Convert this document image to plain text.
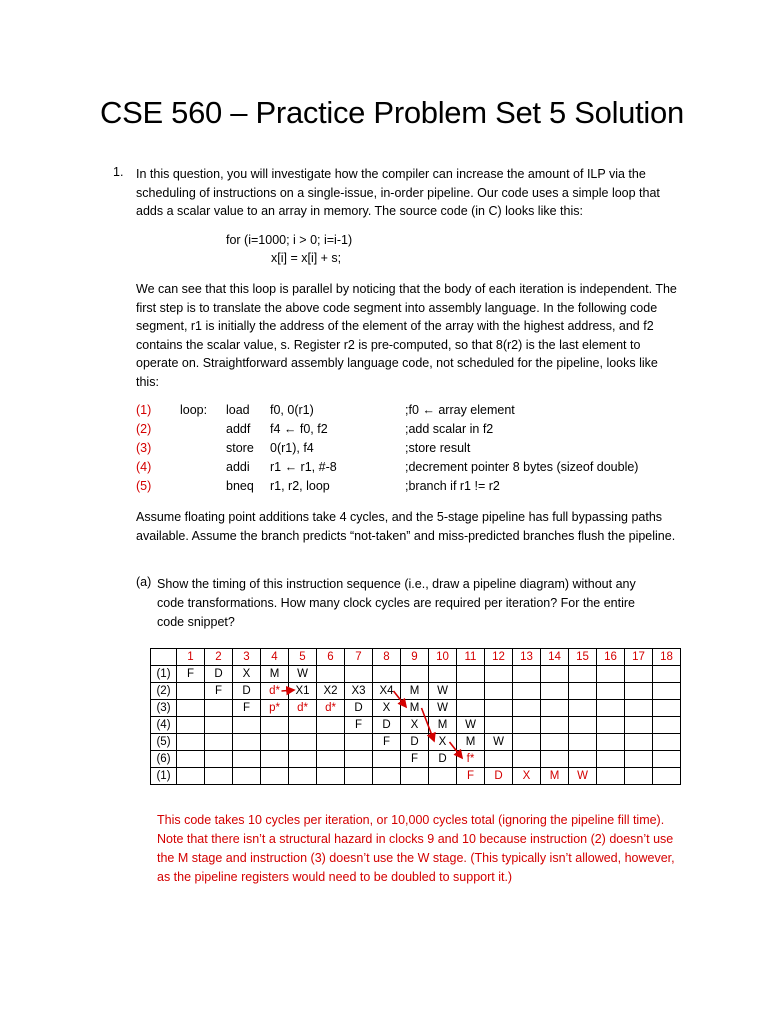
CSE 560 – Practice Problem Set 5 Solution
1. In this question, you will investigate how the compiler can increase the amount of ILP via the scheduling of instructions on a single-issue, in-order pipeline. Our code uses a simple loop that adds a scalar value to an array in memory. The source code (in C) looks like this:
for (i=1000; i > 0; i=i-1)
x[i] = x[i] + s;
We can see that this loop is parallel by noticing that the body of each iteration is independent. The first step is to translate the above code segment into assembly language. In the following code segment, r1 is initially the address of the element of the array with the highest address, and f2 contains the scalar value, s. Register r2 is pre-computed, so that 8(r2) is the last element to operate on. Straightforward assembly language code, not scheduled for the pipeline, looks like this:
(1) loop: load f0, 0(r1)	;f0 ← array element
(2)	addf f4 ← f0, f2	;add scalar in f2
(3)	store 0(r1), f4	;store result
(4)	addi r1 ← r1, #-8	;decrement pointer 8 bytes (sizeof double)
(5)	bneq r1, r2, loop	;branch if r1 != r2
Assume floating point additions take 4 cycles, and the 5-stage pipeline has full bypassing paths available. Assume the branch predicts “not-taken” and miss-predicted branches flush the pipeline.
(a) Show the timing of this instruction sequence (i.e., draw a pipeline diagram) without any code transformations. How many clock cycles are required per iteration? For the entire code snippet?
	1	2	3	4	5	6	7	8	9	10	11	12	13	14	15	16	17	18
(1)	F	D	X	M	W													
(2)		F	D	d*	X1	X2	X3	X4	M	W								
(3)			F	p*	d*	d*	D	X	M	W								
(4)							F	D	X	M	W							
(5)								F	D	X	M	W						
(6)									F	D	f*							
(1)											F	D	X	M	W			
This code takes 10 cycles per iteration, or 10,000 cycles total (ignoring the pipeline fill time). Note that there isn’t a structural hazard in clocks 9 and 10 because instruction (2) doesn’t use the M stage and instruction (3) doesn’t use the W stage. (This typically isn’t allowed, however, as the pipeline registers would need to be doubled to support it.)
